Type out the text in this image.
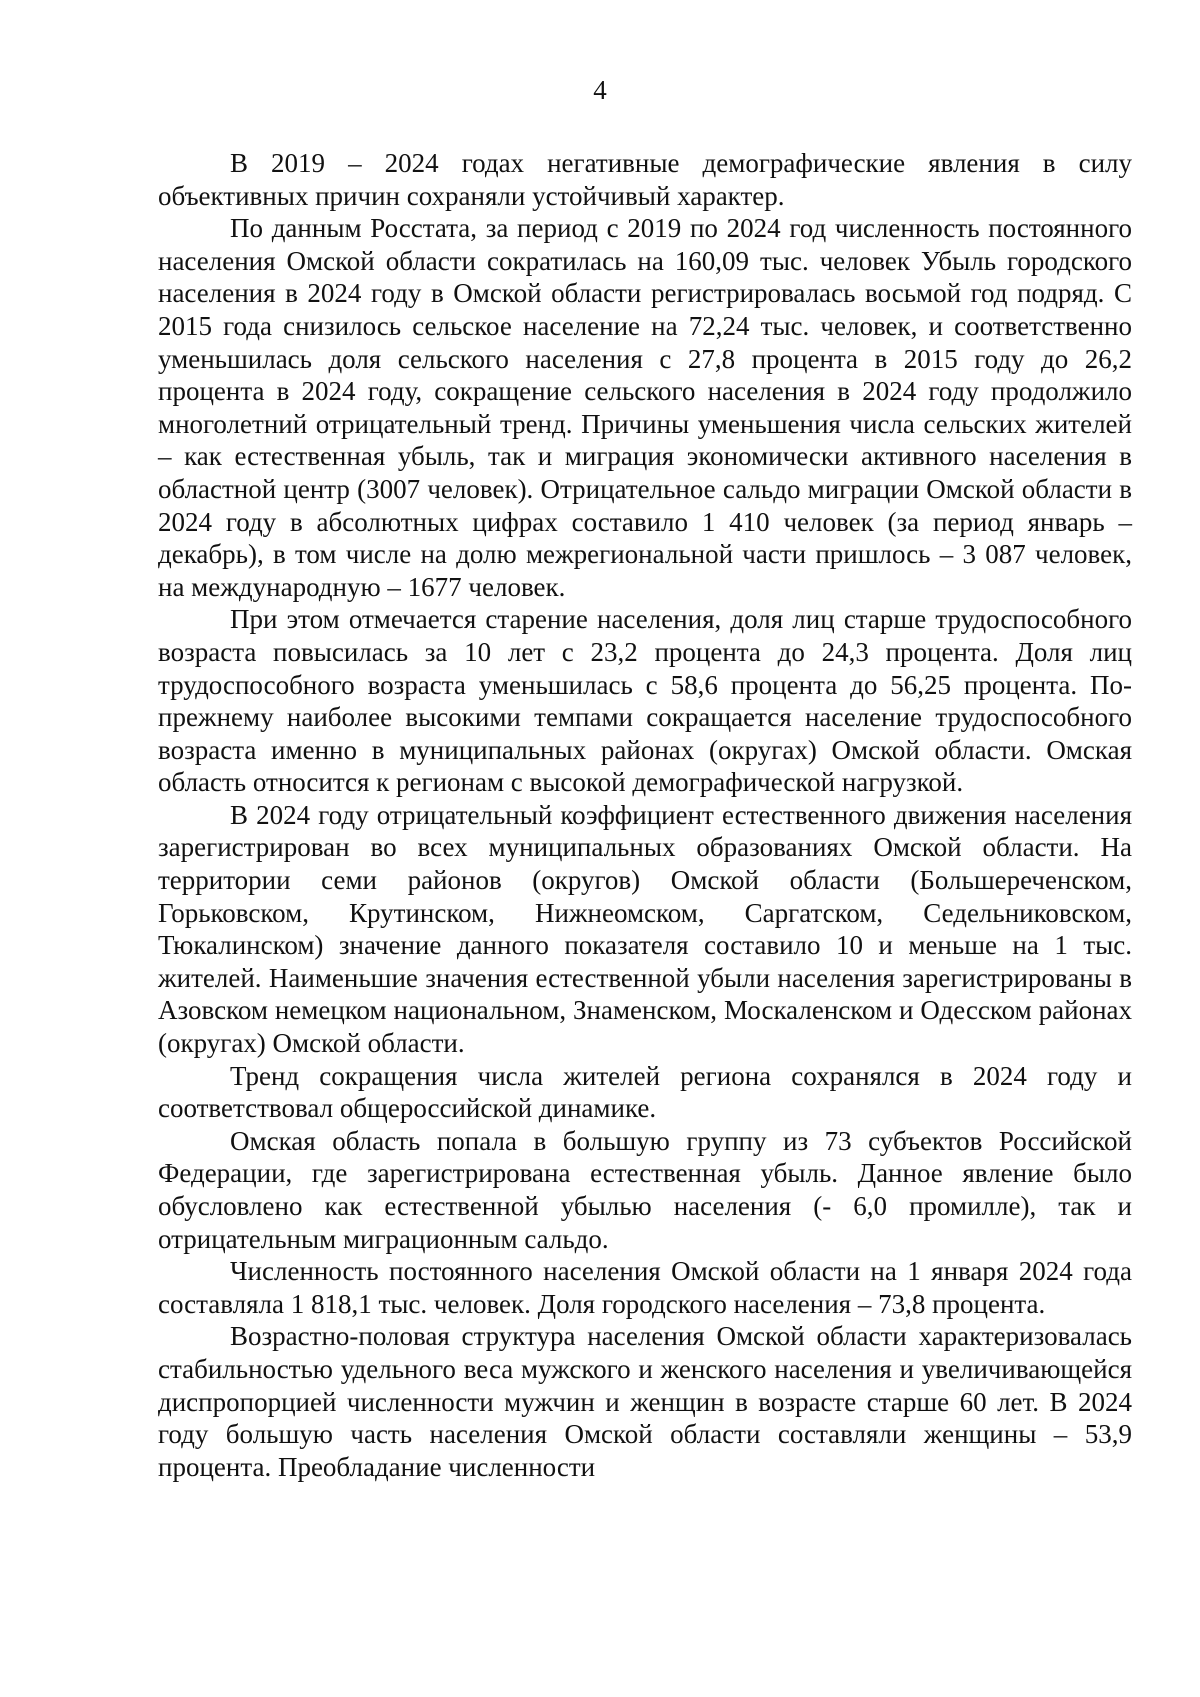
4

В 2019 – 2024 годах негативные демографические явления в силу объективных причин сохраняли устойчивый характер.

По данным Росстата, за период с 2019 по 2024 год численность постоянного населения Омской области сократилась на 160,09 тыс. человек Убыль городского населения в 2024 году в Омской области регистрировалась восьмой год подряд. С 2015 года снизилось сельское население на 72,24 тыс. человек, и соответственно уменьшилась доля сельского населения с 27,8 процента в 2015 году до 26,2 процента в 2024 году, сокращение сельского населения в 2024 году продолжило многолетний отрицательный тренд. Причины уменьшения числа сельских жителей – как естественная убыль, так и миграция экономически активного населения в областной центр (3007 человек). Отрицательное сальдо миграции Омской области в 2024 году в абсолютных цифрах составило 1 410 человек (за период январь – декабрь), в том числе на долю межрегиональной части пришлось – 3 087 человек, на международную – 1677 человек.

При этом отмечается старение населения, доля лиц старше трудоспособного возраста повысилась за 10 лет с 23,2 процента до 24,3 процента. Доля лиц трудоспособного возраста уменьшилась с 58,6 процента до 56,25 процента. По-прежнему наиболее высокими темпами сокращается население трудоспособного возраста именно в муниципальных районах (округах) Омской области. Омская область относится к регионам с высокой демографической нагрузкой.

В 2024 году отрицательный коэффициент естественного движения населения зарегистрирован во всех муниципальных образованиях Омской области. На территории семи районов (округов) Омской области (Большереченском, Горьковском, Крутинском, Нижнеомском, Саргатском, Седельниковском, Тюкалинском) значение данного показателя составило 10 и меньше на 1 тыс. жителей. Наименьшие значения естественной убыли населения зарегистрированы в Азовском немецком национальном, Знаменском, Москаленском и Одесском районах (округах) Омской области.

Тренд сокращения числа жителей региона сохранялся в 2024 году и соответствовал общероссийской динамике.

Омская область попала в большую группу из 73 субъектов Российской Федерации, где зарегистрирована естественная убыль. Данное явление было обусловлено как естественной убылью населения (- 6,0 промилле), так и отрицательным миграционным сальдо.

Численность постоянного населения Омской области на 1 января 2024 года составляла 1 818,1 тыс. человек. Доля городского населения – 73,8 процента.

Возрастно-половая структура населения Омской области характеризовалась стабильностью удельного веса мужского и женского населения и увеличивающейся диспропорцией численности мужчин и женщин в возрасте старше 60 лет. В 2024 году большую часть населения Омской области составляли женщины – 53,9 процента. Преобладание численности
